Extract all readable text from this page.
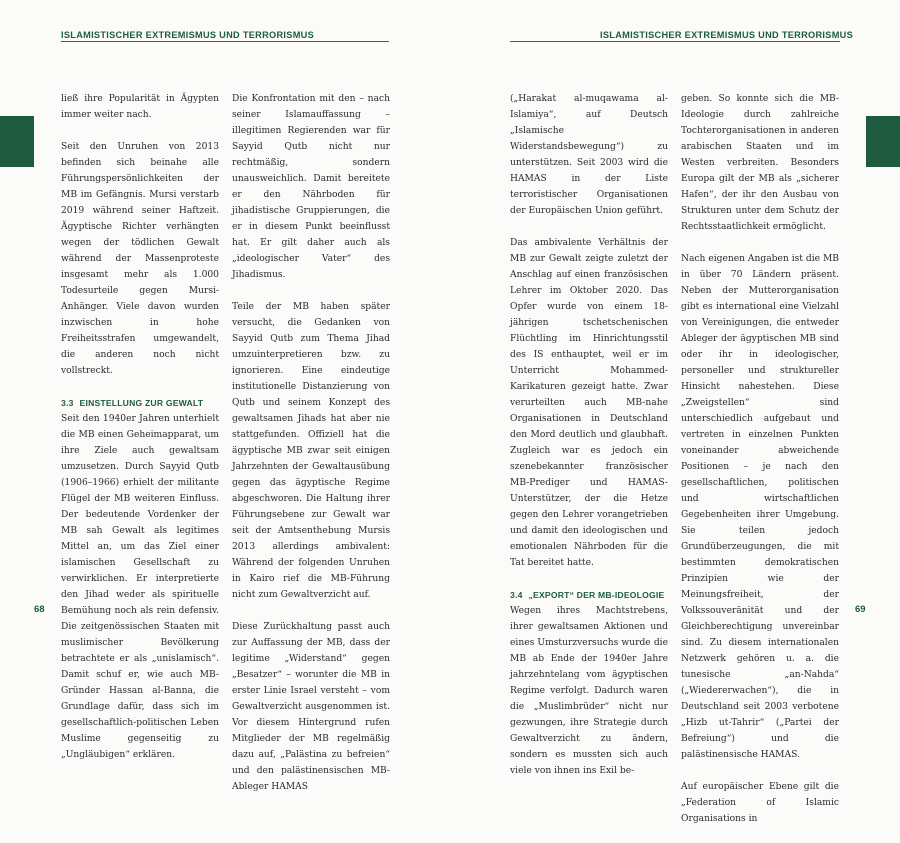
ISLAMISTISCHER EXTREMISMUS UND TERRORISMUS

ließ ihre Popularität in Ägypten immer weiter nach.

Seit den Unruhen von 2013 befinden sich beinahe alle Führungspersönlichkeiten der MB im Gefängnis. Mursi verstarb 2019 während seiner Haftzeit. Ägyptische Richter verhängten wegen der tödlichen Gewalt während der Massenproteste insgesamt mehr als 1.000 Todesurteile gegen Mursi-Anhänger. Viele davon wurden inzwischen in hohe Freiheitsstrafen umgewandelt, die anderen noch nicht vollstreckt.

3.3 EINSTELLUNG ZUR GEWALT

Seit den 1940er Jahren unterhielt die MB einen Geheimapparat, um ihre Ziele auch gewaltsam umzusetzen. Durch Sayyid Qutb (1906–1966) erhielt der militante Flügel der MB weiteren Einfluss. Der bedeutende Vordenker der MB sah Gewalt als legitimes Mittel an, um das Ziel einer islamischen Gesellschaft zu verwirklichen. Er interpretierte den Jihad weder als spirituelle Bemühung noch als rein defensiv. Die zeitgenössischen Staaten mit muslimischer Bevölkerung betrachtete er als „unislamisch“. Damit schuf er, wie auch MB-Gründer Hassan al-Banna, die Grundlage dafür, dass sich im gesellschaftlich-politischen Leben Muslime gegenseitig zu „Ungläubigen“ erklären.

Die Konfrontation mit den – nach seiner Islamauffassung – illegitimen Regierenden war für Sayyid Qutb nicht nur rechtmäßig, sondern unausweichlich. Damit bereitete er den Nährboden für jihadistische Gruppierungen, die er in diesem Punkt beeinflusst hat. Er gilt daher auch als „ideologischer Vater“ des Jihadismus.

Teile der MB haben später versucht, die Gedanken von Sayyid Qutb zum Thema Jihad umzuinterpretieren bzw. zu ignorieren. Eine eindeutige institutionelle Distanzierung von Qutb und seinem Konzept des gewaltsamen Jihads hat aber nie stattgefunden. Offiziell hat die ägyptische MB zwar seit einigen Jahrzehnten der Gewaltausübung gegen das ägyptische Regime abgeschworen. Die Haltung ihrer Führungsebene zur Gewalt war seit der Amtsenthebung Mursis 2013 allerdings ambivalent: Während der folgenden Unruhen in Kairo rief die MB-Führung nicht zum Gewaltverzicht auf.

Diese Zurückhaltung passt auch zur Auffassung der MB, dass der legitime „Widerstand“ gegen „Besatzer“ – worunter die MB in erster Linie Israel versteht – vom Gewaltverzicht ausgenommen ist. Vor diesem Hintergrund rufen Mitglieder der MB regelmäßig dazu auf, „Palästina zu befreien“ und den palästinensischen MB-Ableger HAMAS

68
ISLAMISTISCHER EXTREMISMUS UND TERRORISMUS

(„Harakat al-muqawama al-Islamiya“, auf Deutsch „Islamische Widerstandsbewegung“) zu unterstützen. Seit 2003 wird die HAMAS in der Liste terroristischer Organisationen der Europäischen Union geführt.

Das ambivalente Verhältnis der MB zur Gewalt zeigte zuletzt der Anschlag auf einen französischen Lehrer im Oktober 2020. Das Opfer wurde von einem 18-jährigen tschetschenischen Flüchtling im Hinrichtungsstil des IS enthauptet, weil er im Unterricht Mohammed-Karikaturen gezeigt hatte. Zwar verurteilten auch MB-nahe Organisationen in Deutschland den Mord deutlich und glaubhaft. Zugleich war es jedoch ein szenebekannter französischer MB-Prediger und HAMAS-Unterstützer, der die Hetze gegen den Lehrer vorangetrieben und damit den ideologischen und emotionalen Nährboden für die Tat bereitet hatte.

3.4 „EXPORT“ DER MB-IDEOLOGIE

Wegen ihres Machtstrebens, ihrer gewaltsamen Aktionen und eines Umsturzversuchs wurde die MB ab Ende der 1940er Jahre jahrzehntelang vom ägyptischen Regime verfolgt. Dadurch waren die „Muslimbrüder“ nicht nur gezwungen, ihre Strategie durch Gewaltverzicht zu ändern, sondern es mussten sich auch viele von ihnen ins Exil be-

geben. So konnte sich die MB-Ideologie durch zahlreiche Tochterorganisationen in anderen arabischen Staaten und im Westen verbreiten. Besonders Europa gilt der MB als „sicherer Hafen“, der ihr den Ausbau von Strukturen unter dem Schutz der Rechtsstaatlichkeit ermöglicht.

Nach eigenen Angaben ist die MB in über 70 Ländern präsent. Neben der Mutterorganisation gibt es international eine Vielzahl von Vereinigungen, die entweder Ableger der ägyptischen MB sind oder ihr in ideologischer, personeller und struktureller Hinsicht nahestehen. Diese „Zweigstellen“ sind unterschiedlich aufgebaut und vertreten in einzelnen Punkten voneinander abweichende Positionen – je nach den gesellschaftlichen, politischen und wirtschaftlichen Gegebenheiten ihrer Umgebung. Sie teilen jedoch Grundüberzeugungen, die mit bestimmten demokratischen Prinzipien wie der Meinungsfreiheit, der Volkssouveränität und der Gleichberechtigung unvereinbar sind. Zu diesem internationalen Netzwerk gehören u. a. die tunesische „an-Nahda“ („Wiedererwachen“), die in Deutschland seit 2003 verbotene „Hizb ut-Tahrir“ („Partei der Befreiung“) und die palästinensische HAMAS.

Auf europäischer Ebene gilt die „Federation of Islamic Organisations in

69
